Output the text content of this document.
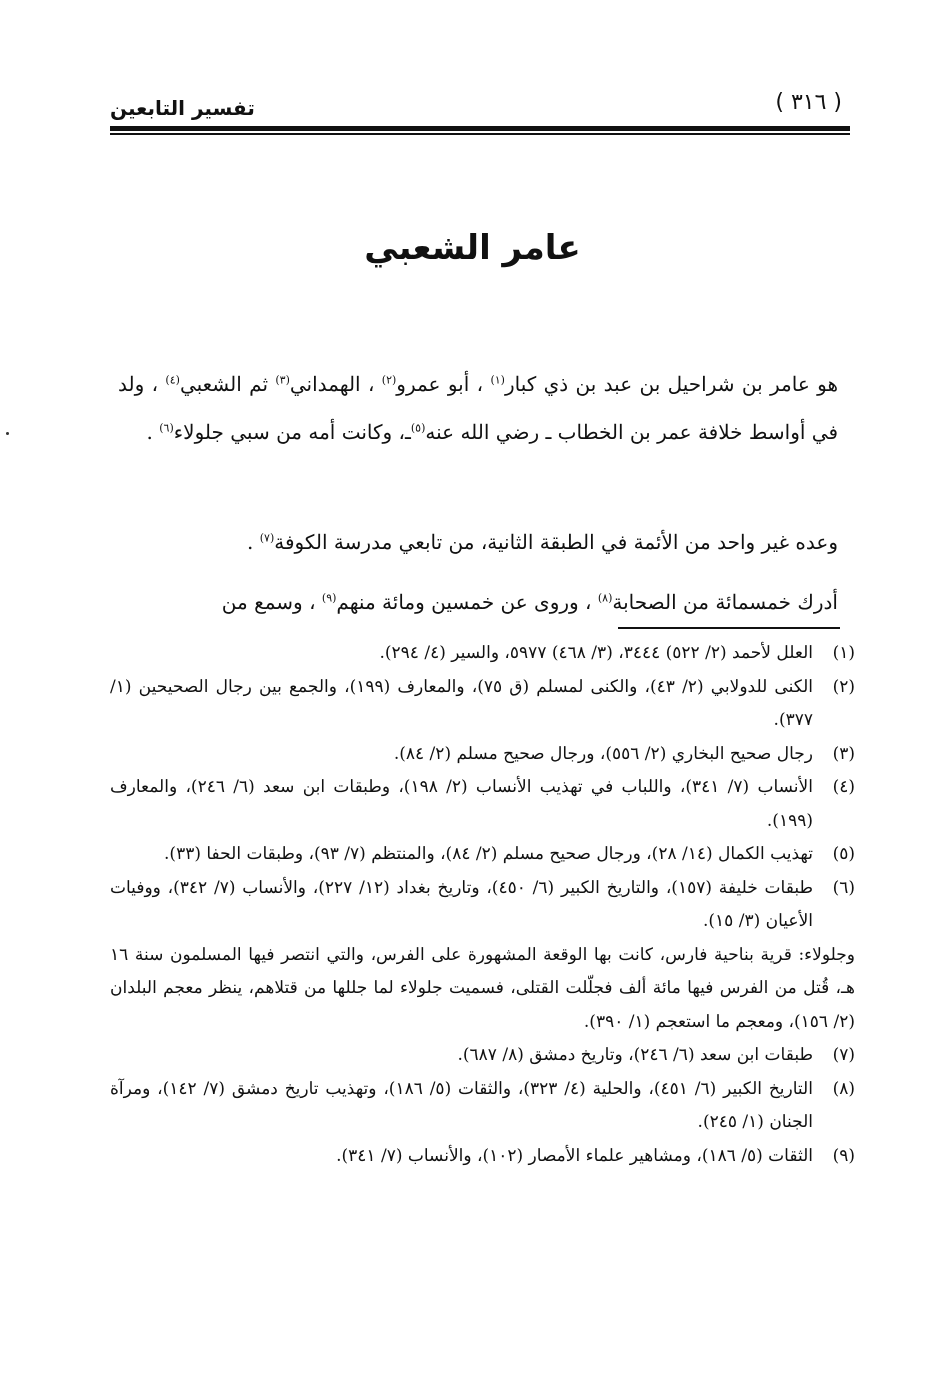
( ٣١٦ )
تفسير التابعين
عامر الشعبي
هو عامر بن شراحيل بن عبد بن ذي كبار$^{(١)}$ ، أبو عمرو$^{(٢)}$ ، الهمداني$^{(٣)}$ ثم الشعبي$^{(٤)}$ ، ولد في أواسط خلافة عمر بن الخطاب ـ رضي الله عنه$^{(٥)}$ـ، وكانت أمه من سبي جلولاء$^{(٦)}$ .
وعده غير واحد من الأئمة في الطبقة الثانية، من تابعي مدرسة الكوفة$^{(٧)}$ .
أدرك خمسمائة من الصحابة$^{(٨)}$ ، وروى عن خمسين ومائة منهم$^{(٩)}$ ، وسمع من
(١)
العلل لأحمد (٢/ ٥٢٢) ٣٤٤٤، (٣/ ٤٦٨) ٥٩٧٧، والسير (٤/ ٢٩٤).
(٢)
الكنى للدولابي (٢/ ٤٣)، والكنى لمسلم (ق ٧٥)، والمعارف (١٩٩)، والجمع بين رجال الصحيحين (١/ ٣٧٧).
(٣)
رجال صحيح البخاري (٢/ ٥٥٦)، ورجال صحيح مسلم (٢/ ٨٤).
(٤)
الأنساب (٧/ ٣٤١)، واللباب في تهذيب الأنساب (٢/ ١٩٨)، وطبقات ابن سعد (٦/ ٢٤٦)، والمعارف (١٩٩).
(٥)
تهذيب الكمال (١٤/ ٢٨)، ورجال صحيح مسلم (٢/ ٨٤)، والمنتظم (٧/ ٩٣)، وطبقات الحفا (٣٣).
(٦)
طبقات خليفة (١٥٧)، والتاريخ الكبير (٦/ ٤٥٠)، وتاريخ بغداد (١٢/ ٢٢٧)، والأنساب (٧/ ٣٤٢)، ووفيات الأعيان (٣/ ١٥).
وجلولاء: قرية بناحية فارس، كانت بها الوقعة المشهورة على الفرس، والتي انتصر فيها المسلمون سنة ١٦ هـ، قُتل من الفرس فيها مائة ألف فجلّلت القتلى، فسميت جلولاء لما جللها من قتلاهم، ينظر معجم البلدان (٢/ ١٥٦)، ومعجم ما استعجم (١/ ٣٩٠).
(٧)
طبقات ابن سعد (٦/ ٢٤٦)، وتاريخ دمشق (٨/ ٦٨٧).
(٨)
التاريخ الكبير (٦/ ٤٥١)، والحلية (٤/ ٣٢٣)، والثقات (٥/ ١٨٦)، وتهذيب تاريخ دمشق (٧/ ١٤٢)، ومرآة الجنان (١/ ٢٤٥).
(٩)
الثقات (٥/ ١٨٦)، ومشاهير علماء الأمصار (١٠٢)، والأنساب (٧/ ٣٤١).
